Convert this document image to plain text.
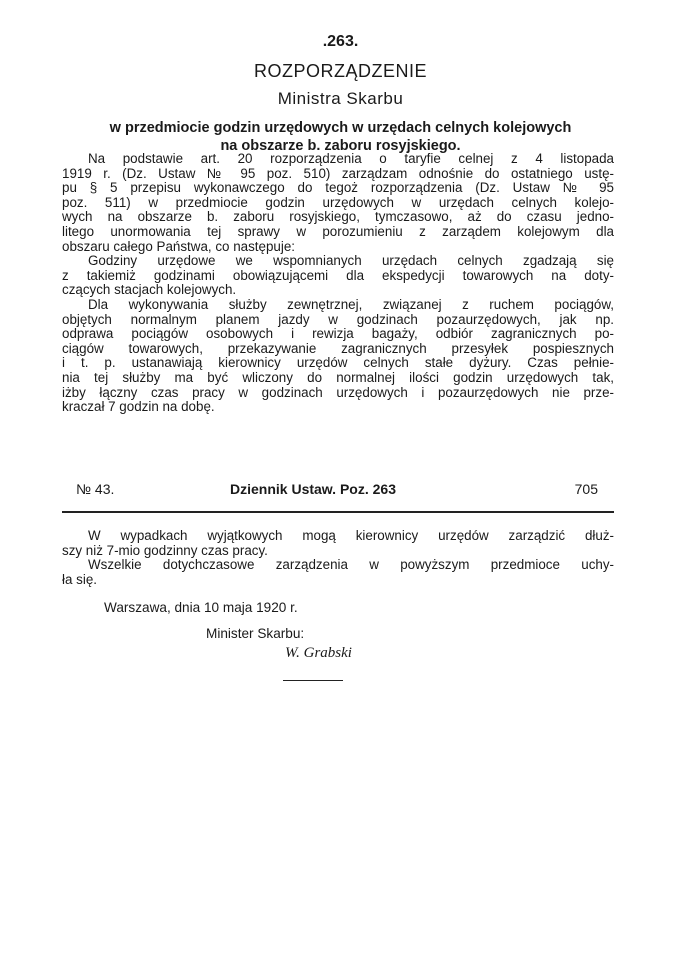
.263.
ROZPORZĄDZENIE
Ministra Skarbu
w przedmiocie godzin urzędowych w urzędach celnych kolejowych
na obszarze b. zaboru rosyjskiego.
Na podstawie art. 20 rozporządzenia o taryfie celnej z 4 listopada
1919 r. (Dz. Ustaw № 95 poz. 510) zarządzam odnośnie do ostatniego ustę-
pu § 5 przepisu wykonawczego do tegoż rozporządzenia (Dz. Ustaw № 95
poz. 511) w przedmiocie godzin urzędowych w urzędach celnych kolejo-
wych na obszarze b. zaboru rosyjskiego, tymczasowo, aż do czasu jedno-
litego unormowania tej sprawy w porozumieniu z zarządem kolejowym dla
obszaru całego Państwa, co następuje:
Godziny urzędowe we wspomnianych urzędach celnych zgadzają się
z takiemiż godzinami obowiązującemi dla ekspedycji towarowych na doty-
czących stacjach kolejowych.
Dla wykonywania służby zewnętrznej, związanej z ruchem pociągów,
objętych normalnym planem jazdy w godzinach pozaurzędowych, jak np.
odprawa pociągów osobowych i rewizja bagaży, odbiór zagranicznych po-
ciągów towarowych, przekazywanie zagranicznych przesyłek pospiesznych
i t. p. ustanawiają kierownicy urzędów celnych stałe dyżury. Czas pełnie-
nia tej służby ma być wliczony do normalnej ilości godzin urzędowych tak,
iżby łączny czas pracy w godzinach urzędowych i pozaurzędowych nie prze-
kraczał 7 godzin na dobę.
№ 43.	Dziennik Ustaw. Poz. 263	705
W wypadkach wyjątkowych mogą kierownicy urzędów zarządzić dłuż-
szy niż 7-mio godzinny czas pracy.
Wszelkie dotychczasowe zarządzenia w powyższym przedmioce uchy-
ła się.
Warszawa, dnia 10 maja 1920 r.
Minister Skarbu:
W. Grabski
